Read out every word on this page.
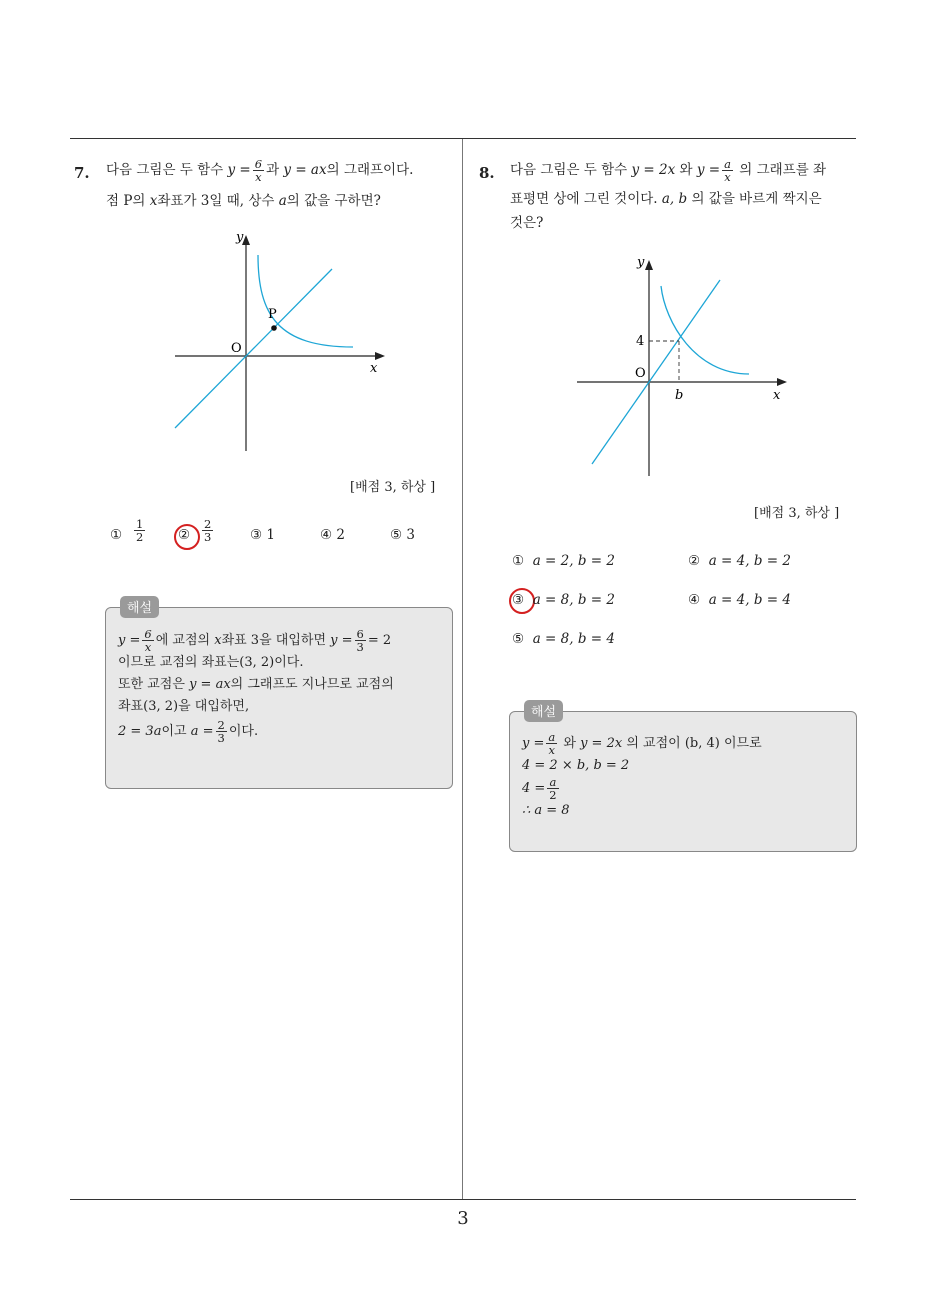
3
7. 다음 그림은 두 함수 $y = \frac{6}{x}$ 과 y = ax의 그래프이다.
점 P의 x좌표가 3일 때, 상수 a의 값을 구하면?
y
x
O
P
[배점 3, 하상 ]
① $\frac{1}{2}$ ② $\frac{2}{3}$	③ 1	④ 2	⑤ 3
해설
$y = \frac{6}{x}$ 에 교점의 x좌표 3을 대입하면 $y = \frac{6}{3} = 2$
이므로 교점의 좌표는(3, 2)이다.
또한 교점은 y = ax의 그래프도 지나므로 교점의
좌표(3, 2)을 대입하면,
2 = 3a이고 $a = \frac{2}{3}$ 이다.
8. 다음 그림은 두 함수 y = 2x 와 $y = \frac{a}{x}$ 의 그래프를 좌
표평면 상에 그린 것이다. a, b 의 값을 바르게 짝지은
것은?
y
x
O
4
b
[배점 3, 하상 ]
① a = 2, b = 2	② a = 4, b = 2
③ a = 8, b = 2	④ a = 4, b = 4
⑤ a = 8, b = 4
해설
$y = \frac{a}{x}$ 와 y = 2x 의 교점이 (b, 4) 이므로
4 = 2 × b, b = 2
$4 = \frac{a}{2}$
∴ a = 8
